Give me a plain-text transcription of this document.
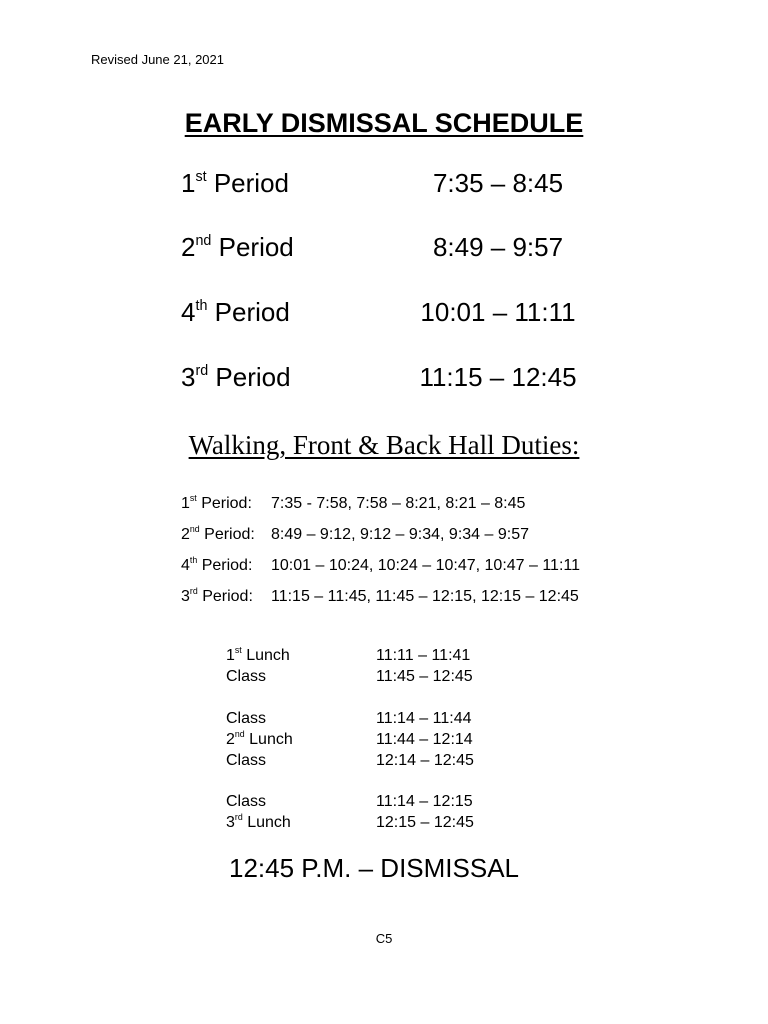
Revised June 21, 2021
EARLY DISMISSAL SCHEDULE
1st Period	7:35 – 8:45
2nd Period	8:49 – 9:57
4th Period	10:01 – 11:11
3rd Period	11:15 – 12:45
Walking, Front & Back Hall Duties:
1st Period: 7:35 - 7:58, 7:58 – 8:21, 8:21 – 8:45
2nd Period: 8:49 – 9:12, 9:12 – 9:34, 9:34 – 9:57
4th Period: 10:01 – 10:24, 10:24 – 10:47, 10:47 – 11:11
3rd Period: 11:15 – 11:45, 11:45 – 12:15, 12:15 – 12:45
1st Lunch	11:11 – 11:41
Class	11:45 – 12:45
Class	11:14 – 11:44
2nd Lunch	11:44 – 12:14
Class	12:14 – 12:45
Class	11:14 – 12:15
3rd Lunch	12:15 – 12:45
12:45 P.M. – DISMISSAL
C5
